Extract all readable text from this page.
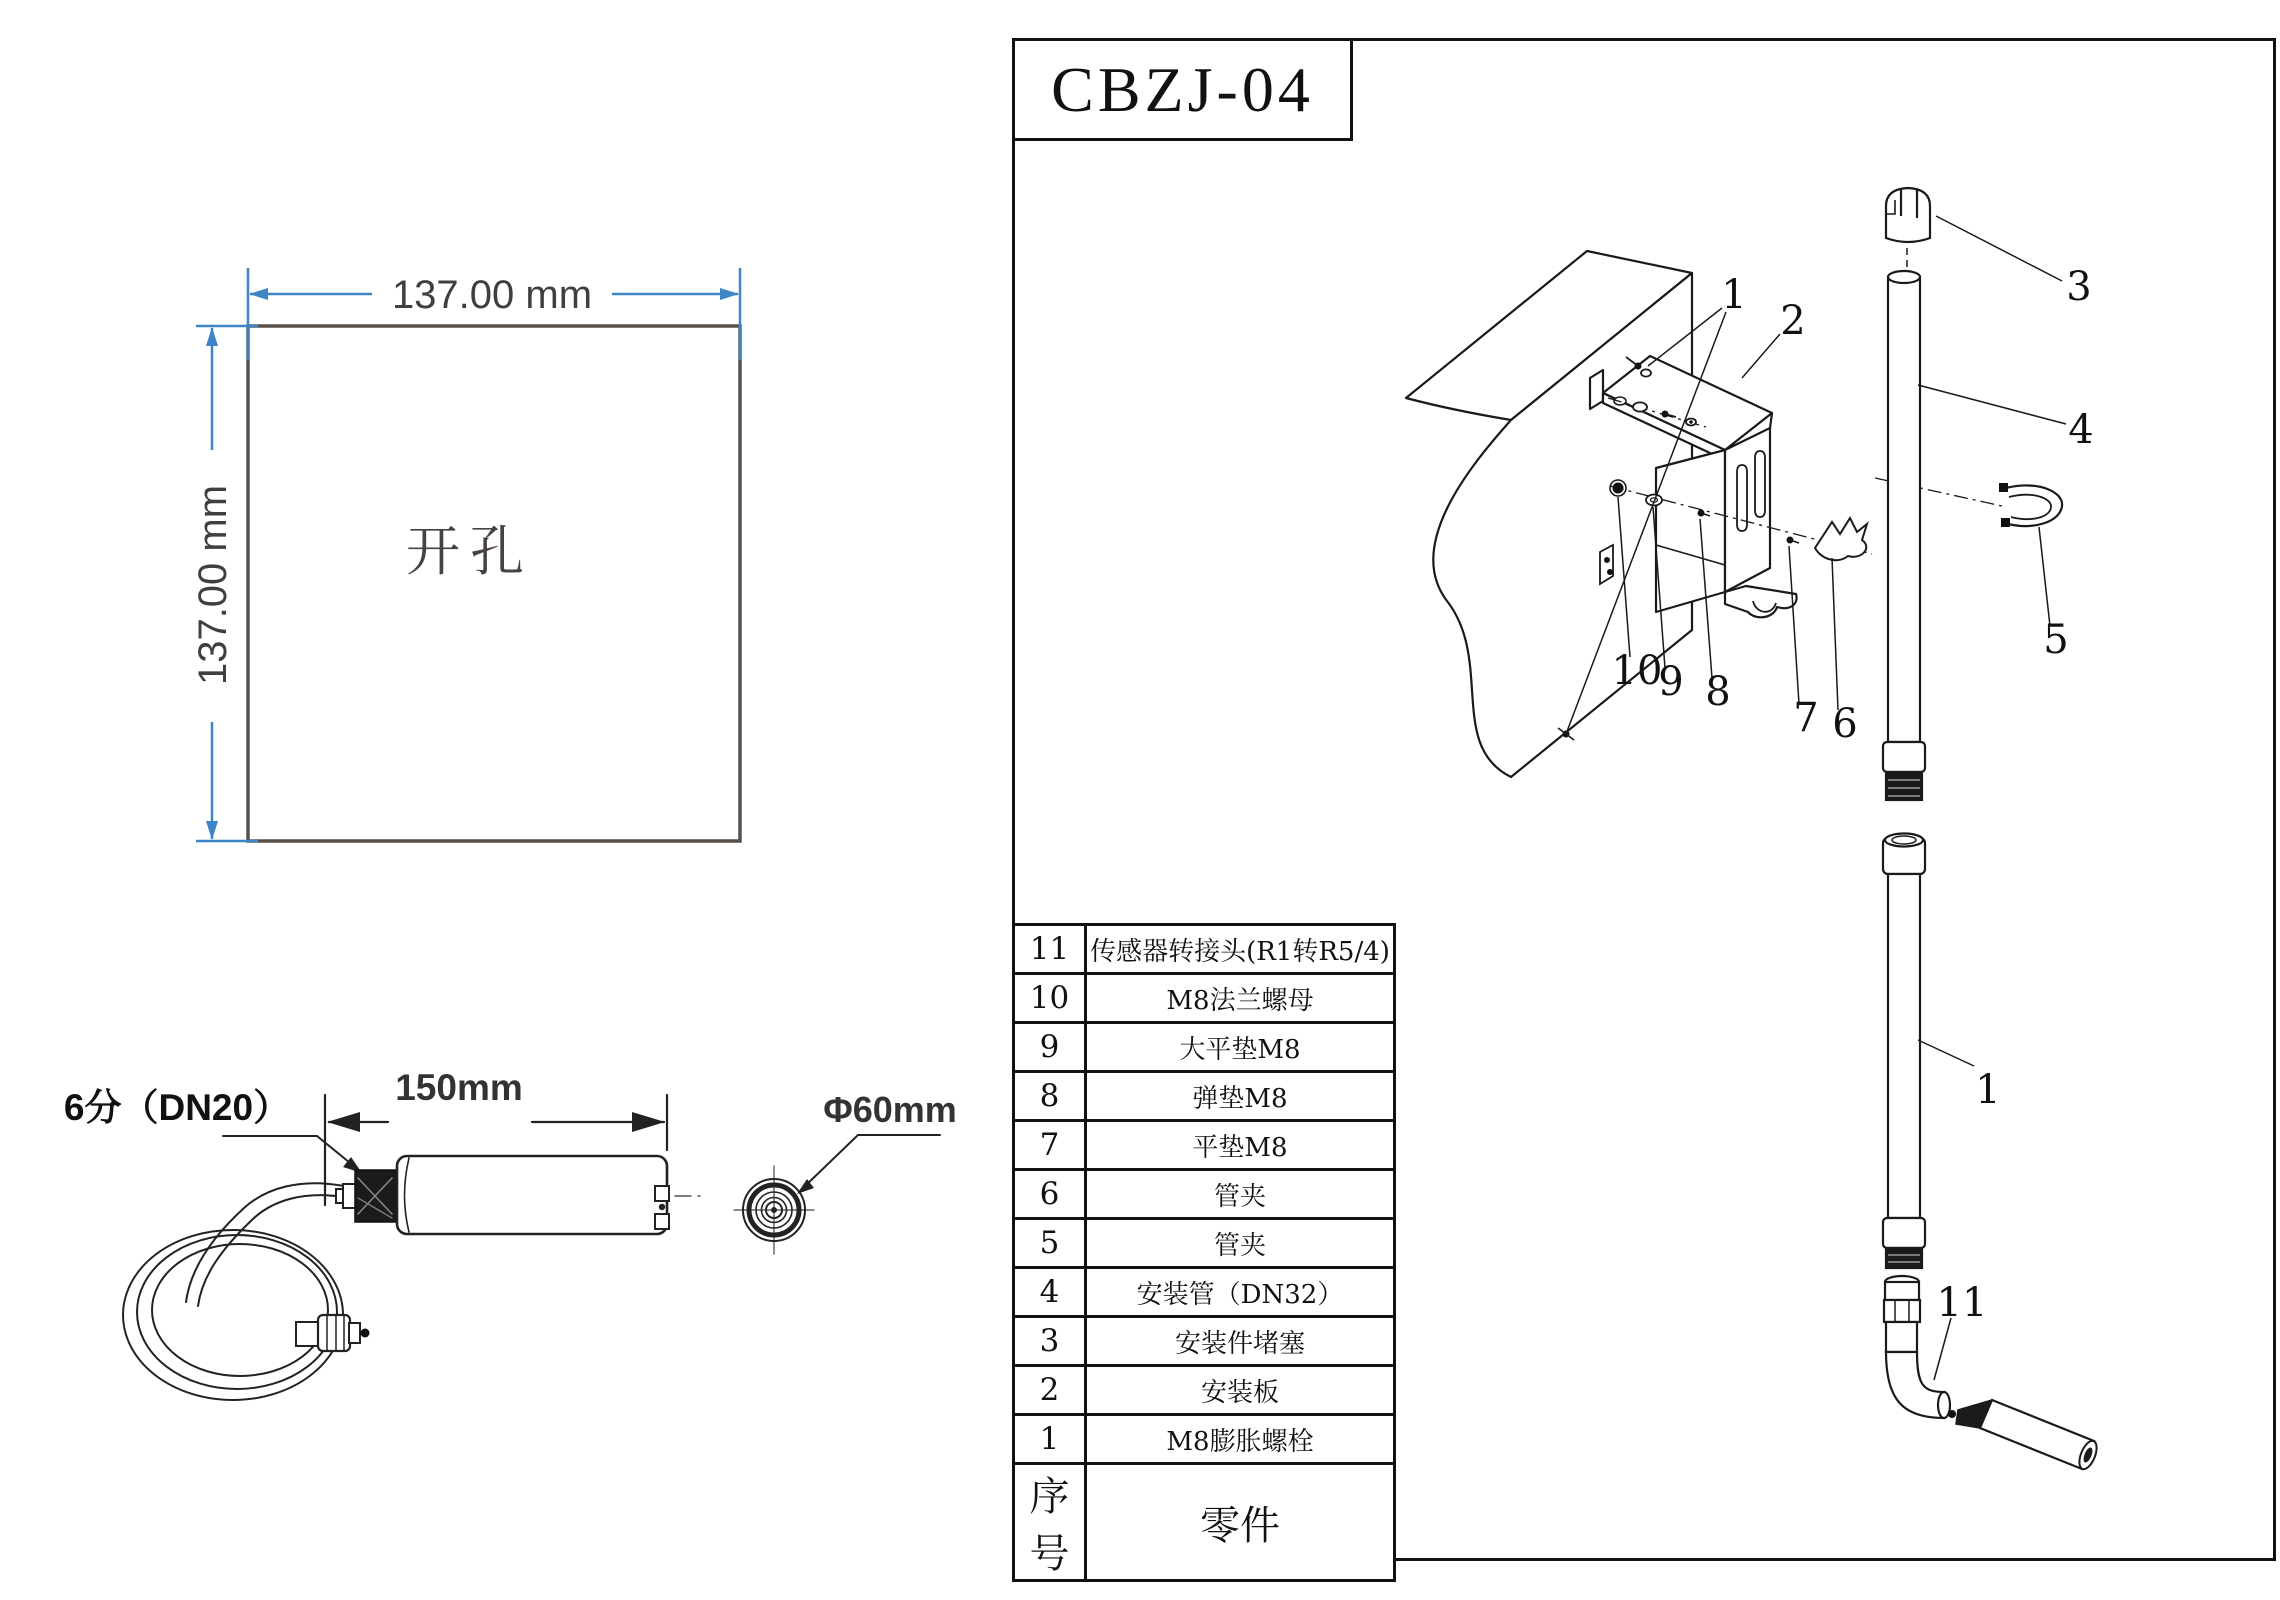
开孔
137.00 mm
137.00 mm
6分（DN20）	150mm
Φ60mm
CBZJ-04
1
2
3
4
5
6
7
8
9
10
1
11
11	传感器转接头(R1转R5/4)
10	M8法兰螺母
9	大平垫M8
8	弹垫M8
7	平垫M8
6	管夹
5	管夹
4	安装管（DN32）
3	安装件堵塞
2	安装板
1	M8膨胀螺栓
序号	零件
